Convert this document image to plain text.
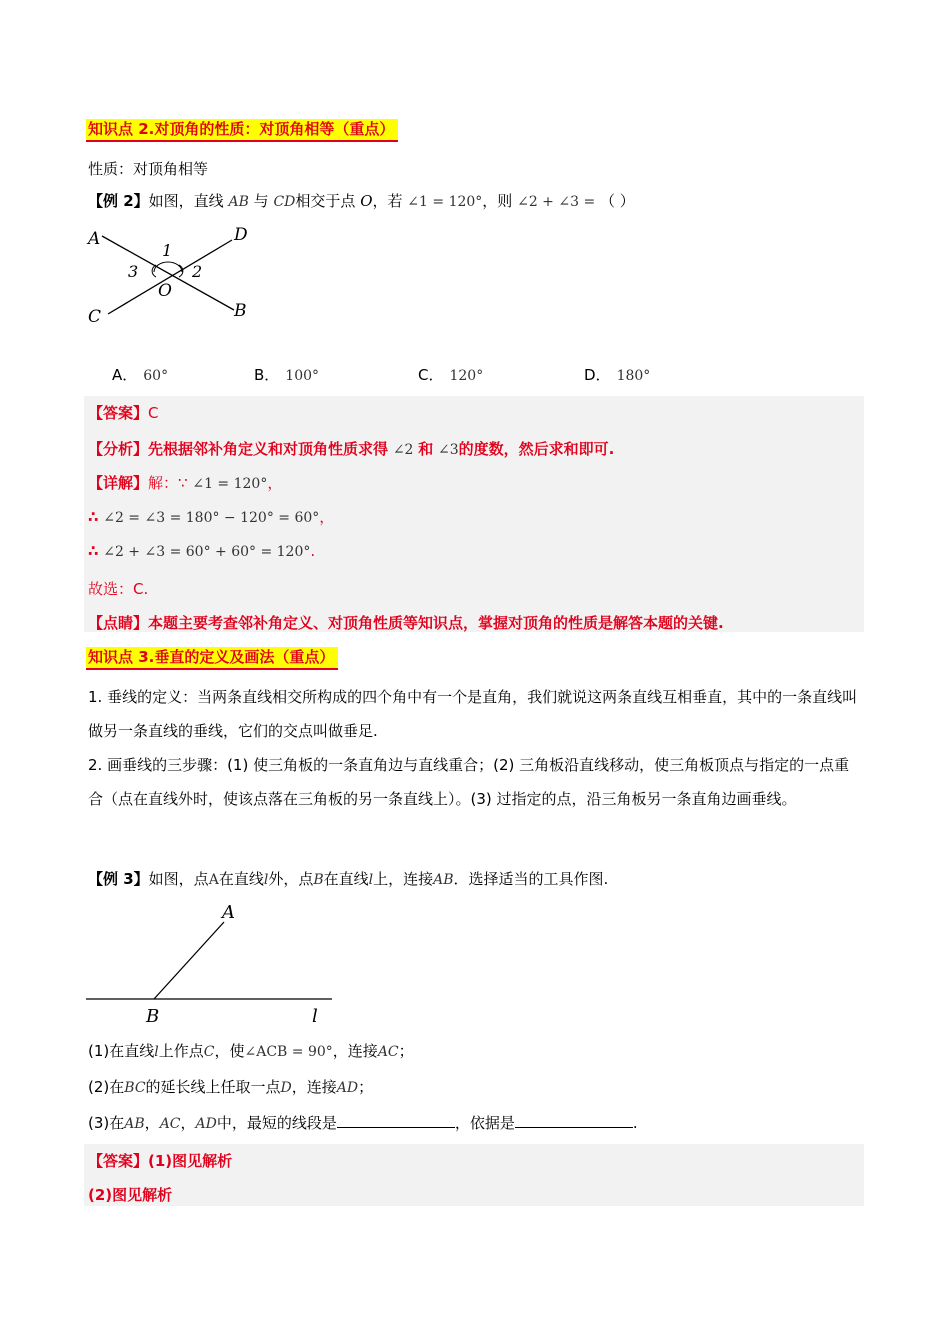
知识点 2.对顶角的性质：对顶角相等（重点）
性质：对顶角相等
【例 2】如图，直线 AB 与 CD相交于点 O，若 ∠1 = 120°，则 ∠2 + ∠3 = （ ）
A	D
C	B
O
1
2
3
A． 60°	B． 100°	C． 120°	D． 180°
【答案】C
【分析】先根据邻补角定义和对顶角性质求得 ∠2 和 ∠3的度数，然后求和即可.
【详解】解：∵ ∠1 = 120°，
∴ ∠2 = ∠3 = 180° − 120° = 60°，
∴ ∠2 + ∠3 = 60° + 60° = 120°.
故选：C.
【点睛】本题主要考查邻补角定义、对顶角性质等知识点，掌握对顶角的性质是解答本题的关键.
知识点 3.垂直的定义及画法（重点）
1. 垂线的定义：当两条直线相交所构成的四个角中有一个是直角，我们就说这两条直线互相垂直，其中的一条直线叫做另一条直线的垂线，它们的交点叫做垂足.
2. 画垂线的三步骤：(1) 使三角板的一条直角边与直线重合；(2) 三角板沿直线移动，使三角板顶点与指定的一点重合（点在直线外时，使该点落在三角板的另一条直线上）。(3) 过指定的点，沿三角板另一条直角边画垂线。
【例 3】如图，点A在直线l外，点B在直线l上，连接AB．选择适当的工具作图.
A
B	l
(1)在直线l上作点C，使∠ACB = 90°，连接AC；
(2)在BC的延长线上任取一点D，连接AD；
(3)在AB，AC，AD中，最短的线段是	，依据是	.
【答案】(1)图见解析
(2)图见解析
